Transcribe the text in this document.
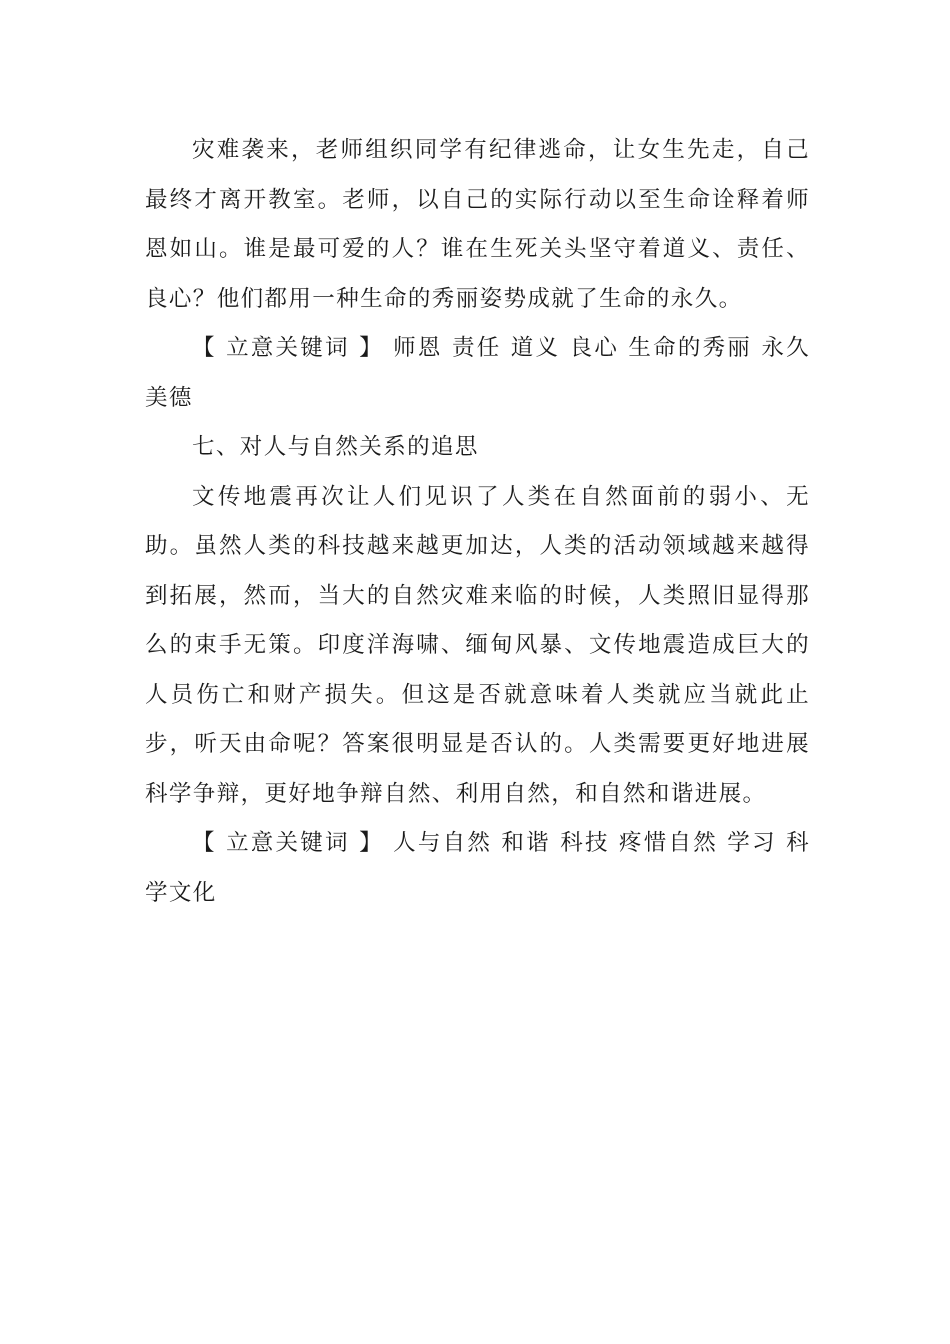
灾难袭来，老师组织同学有纪律逃命，让女生先走，自己最终才离开教室。老师，以自己的实际行动以至生命诠释着师恩如山。谁是最可爱的人？谁在生死关头坚守着道义、责任、良心？他们都用一种生命的秀丽姿势成就了生命的永久。

【 立意关键词 】 师恩 责任 道义 良心 生命的秀丽 永久 美德

七、对人与自然关系的追思

文传地震再次让人们见识了人类在自然面前的弱小、无助。虽然人类的科技越来越更加达，人类的活动领域越来越得到拓展，然而，当大的自然灾难来临的时候，人类照旧显得那么的束手无策。印度洋海啸、缅甸风暴、文传地震造成巨大的人员伤亡和财产损失。但这是否就意味着人类就应当就此止步，听天由命呢？答案很明显是否认的。人类需要更好地进展科学争辩，更好地争辩自然、利用自然，和自然和谐进展。

【 立意关键词 】 人与自然 和谐 科技 疼惜自然 学习 科学文化
